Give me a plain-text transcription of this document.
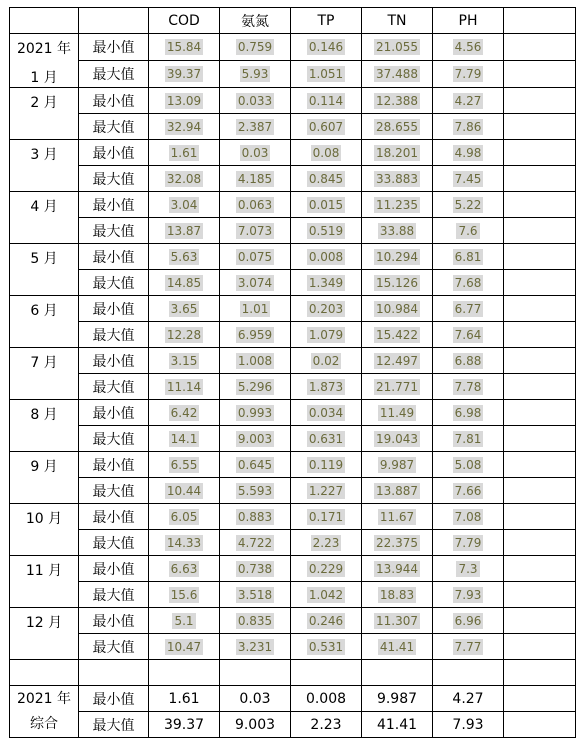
		COD	氨氮	TP	TN	PH	

2021 年
1 月	最小值	15.84	0.759	0.146	21.055	4.56	
	最大值	39.37	5.93	1.051	37.488	7.79	

2 月	最小值	13.09	0.033	0.114	12.388	4.27	
	最大值	32.94	2.387	0.607	28.655	7.86	

3 月	最小值	1.61	0.03	0.08	18.201	4.98	
	最大值	32.08	4.185	0.845	33.883	7.45	

4 月	最小值	3.04	0.063	0.015	11.235	5.22	
	最大值	13.87	7.073	0.519	33.88	7.6	

5 月	最小值	5.63	0.075	0.008	10.294	6.81	
	最大值	14.85	3.074	1.349	15.126	7.68	

6 月	最小值	3.65	1.01	0.203	10.984	6.77	
	最大值	12.28	6.959	1.079	15.422	7.64	

7 月	最小值	3.15	1.008	0.02	12.497	6.88	
	最大值	11.14	5.296	1.873	21.771	7.78	

8 月	最小值	6.42	0.993	0.034	11.49	6.98	
	最大值	14.1	9.003	0.631	19.043	7.81	

9 月	最小值	6.55	0.645	0.119	9.987	5.08	
	最大值	10.44	5.593	1.227	13.887	7.66	

10 月	最小值	6.05	0.883	0.171	11.67	7.08	
	最大值	14.33	4.722	2.23	22.375	7.79	

11 月	最小值	6.63	0.738	0.229	13.944	7.3	
	最大值	15.6	3.518	1.042	18.83	7.93	

12 月	最小值	5.1	0.835	0.246	11.307	6.96	
	最大值	10.47	3.231	0.531	41.41	7.77	

2021 年
综合	最小值	1.61	0.03	0.008	9.987	4.27	
	最大值	39.37	9.003	2.23	41.41	7.93	
